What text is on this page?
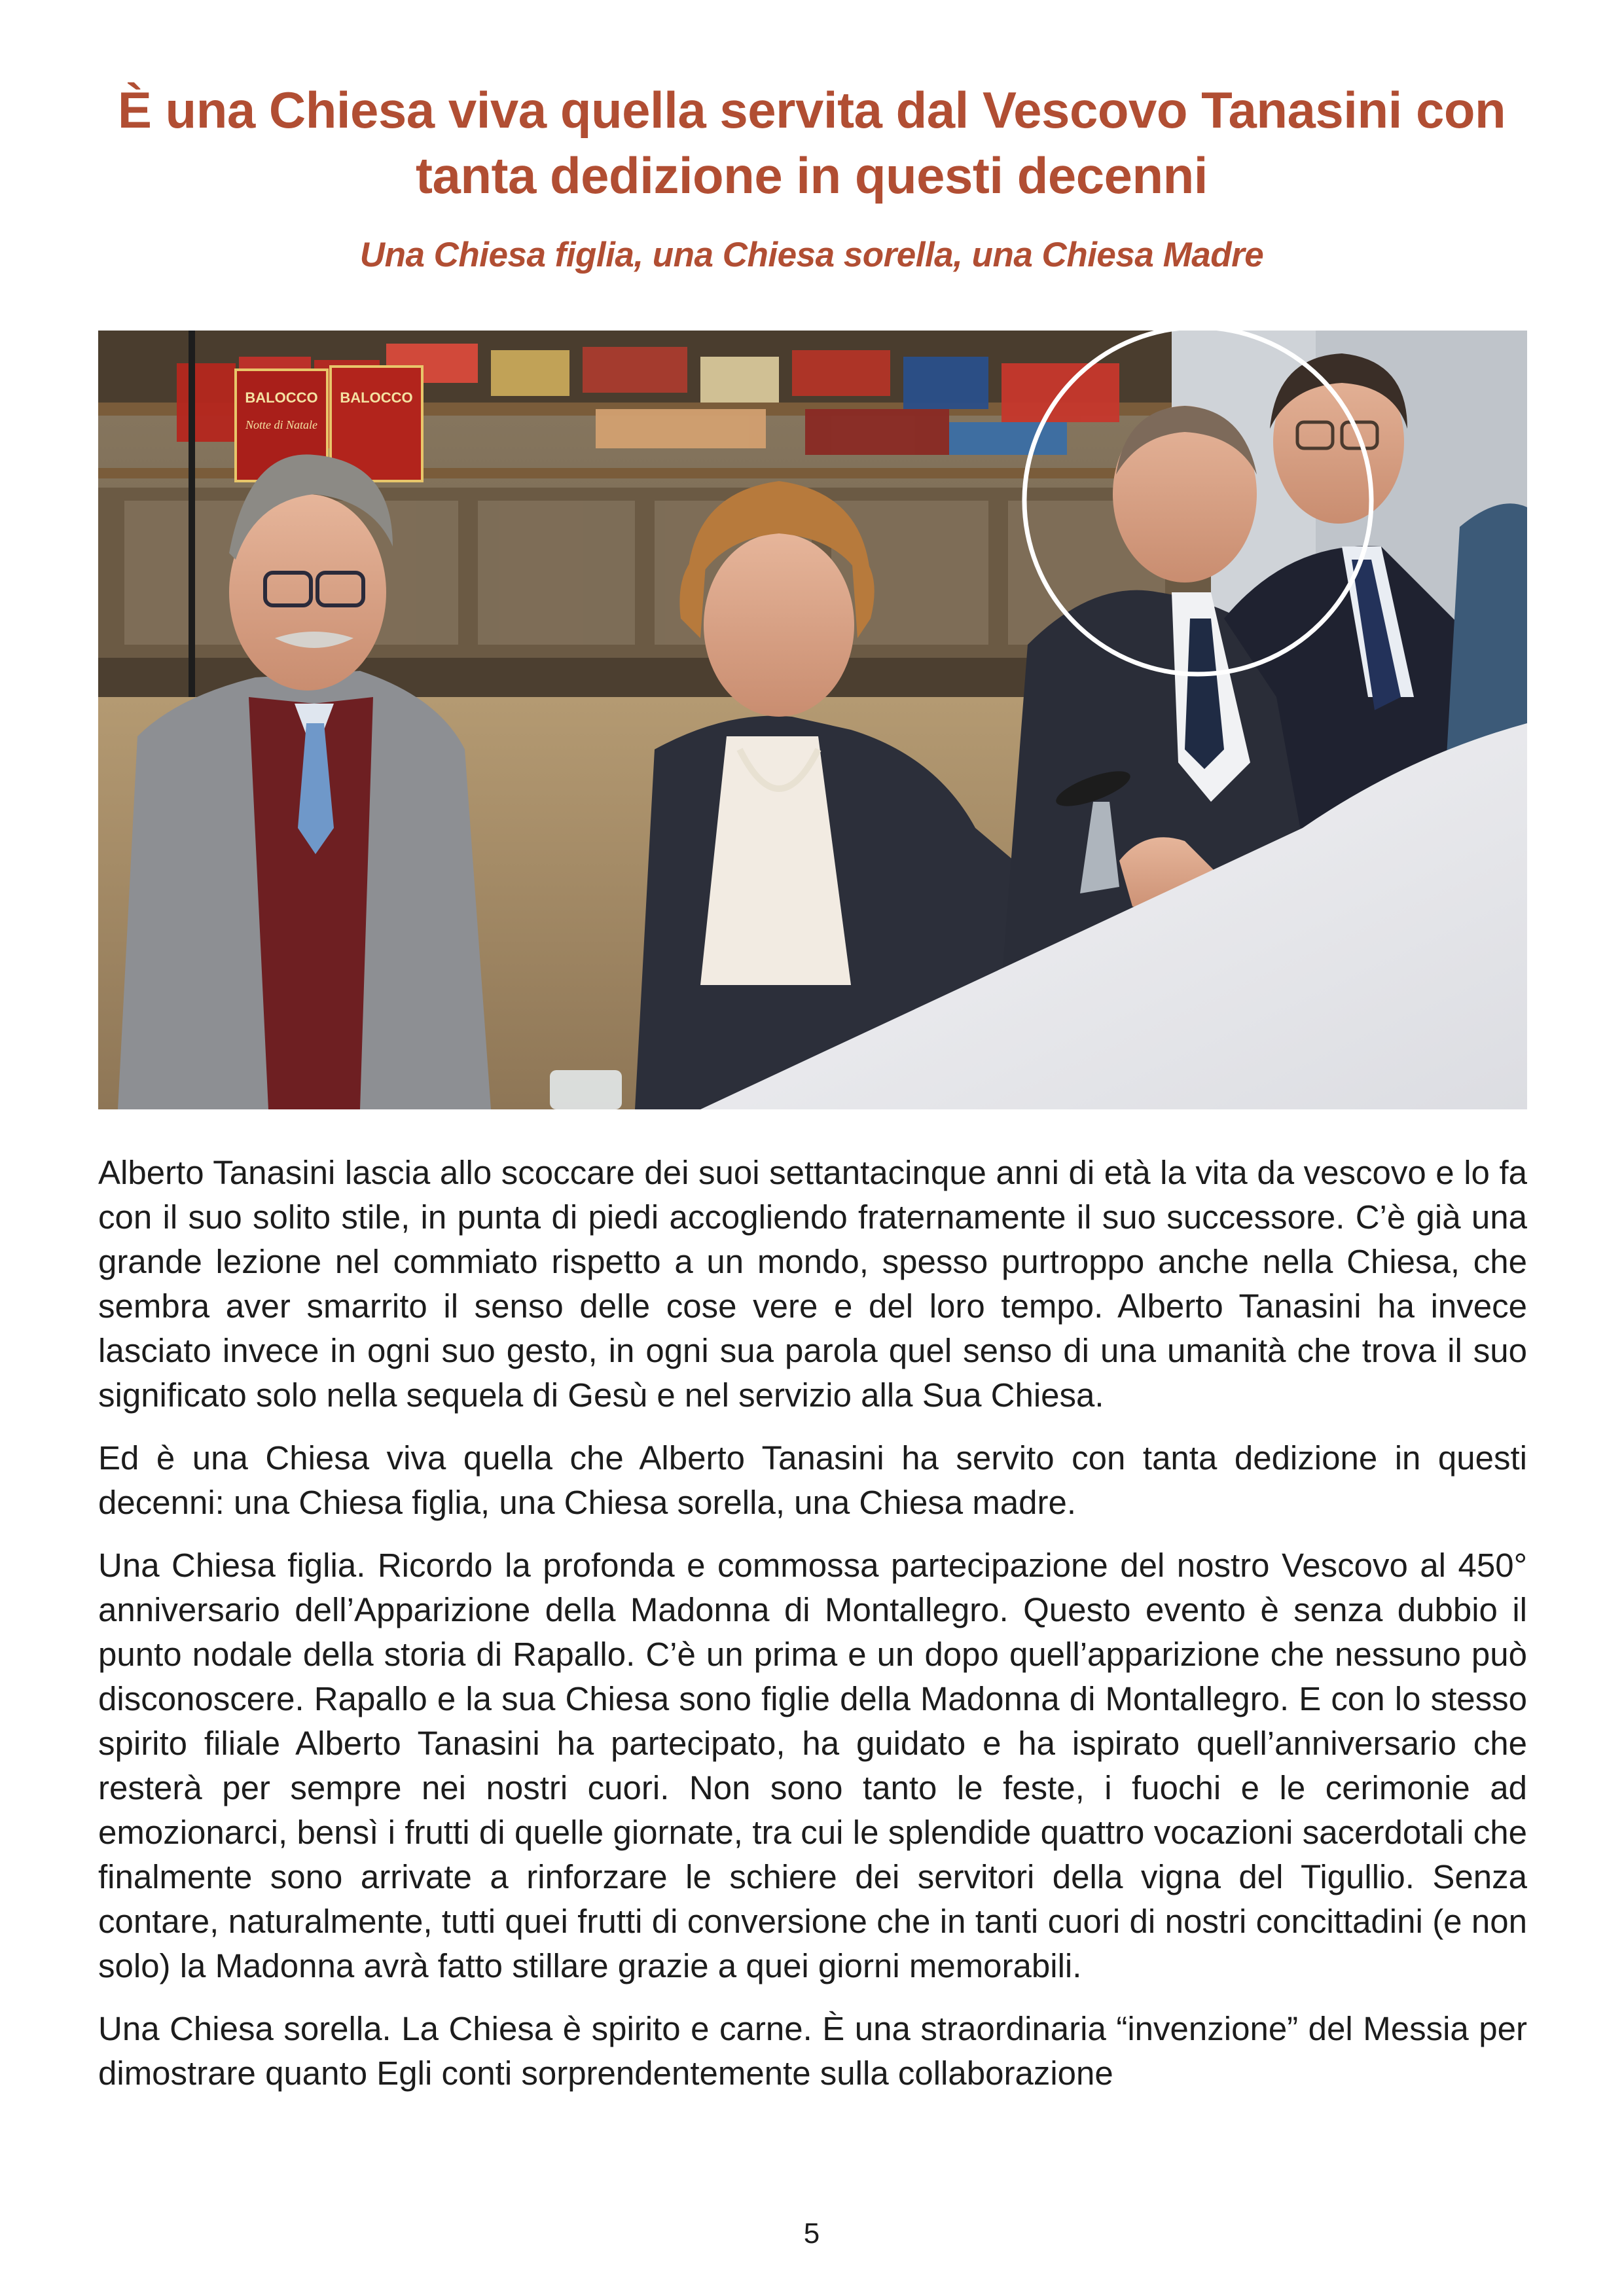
È una Chiesa viva quella servita dal Vescovo Tanasini con tanta dedizione in questi decenni
Una Chiesa figlia, una Chiesa sorella, una Chiesa Madre
BALOCCO
Notte di Natale
BALOCCO

Alberto Tanasini lascia allo scoccare dei suoi settantacinque anni di età la vita da vescovo e lo fa con il suo solito stile, in punta di piedi accogliendo fraternamente il suo successore. C’è già una grande lezione nel commiato rispetto a un mondo, spesso purtroppo anche nella Chiesa, che sembra aver smarrito il senso delle cose vere e del loro tempo. Alberto Tanasini ha invece lasciato invece in ogni suo gesto, in ogni sua parola quel senso di una umanità che trova il suo significato solo nella sequela di Gesù e nel servizio alla Sua Chiesa.

Ed è una Chiesa viva quella che Alberto Tanasini ha servito con tanta dedizione in questi decenni: una Chiesa figlia, una Chiesa sorella, una Chiesa madre.

Una Chiesa figlia. Ricordo la profonda e commossa partecipazione del nostro Vescovo al 450° anniversario dell’Apparizione della Madonna di Montallegro. Questo evento è senza dubbio il punto nodale della storia di Rapallo. C’è un prima e un dopo quell’apparizione che nessuno può disconoscere. Rapallo e la sua Chiesa sono figlie della Madonna di Montallegro. E con lo stesso spirito filiale Alberto Tanasini ha partecipato, ha guidato e ha ispirato quell’anniversario che resterà per sempre nei nostri cuori. Non sono tanto le feste, i fuochi e le cerimonie ad emozionarci, bensì i frutti di quelle giornate, tra cui le splendide quattro vocazioni sacerdotali che finalmente sono arrivate a rinforzare le schiere dei servitori della vigna del Tigullio. Senza contare, naturalmente, tutti quei frutti di conversione che in tanti cuori di nostri concittadini (e non solo) la Madonna avrà fatto stillare grazie a quei giorni memorabili.

Una Chiesa sorella. La Chiesa è spirito e carne. È una straordinaria “invenzione” del Messia per dimostrare quanto Egli conti sorprendentemente sulla collaborazione

5
